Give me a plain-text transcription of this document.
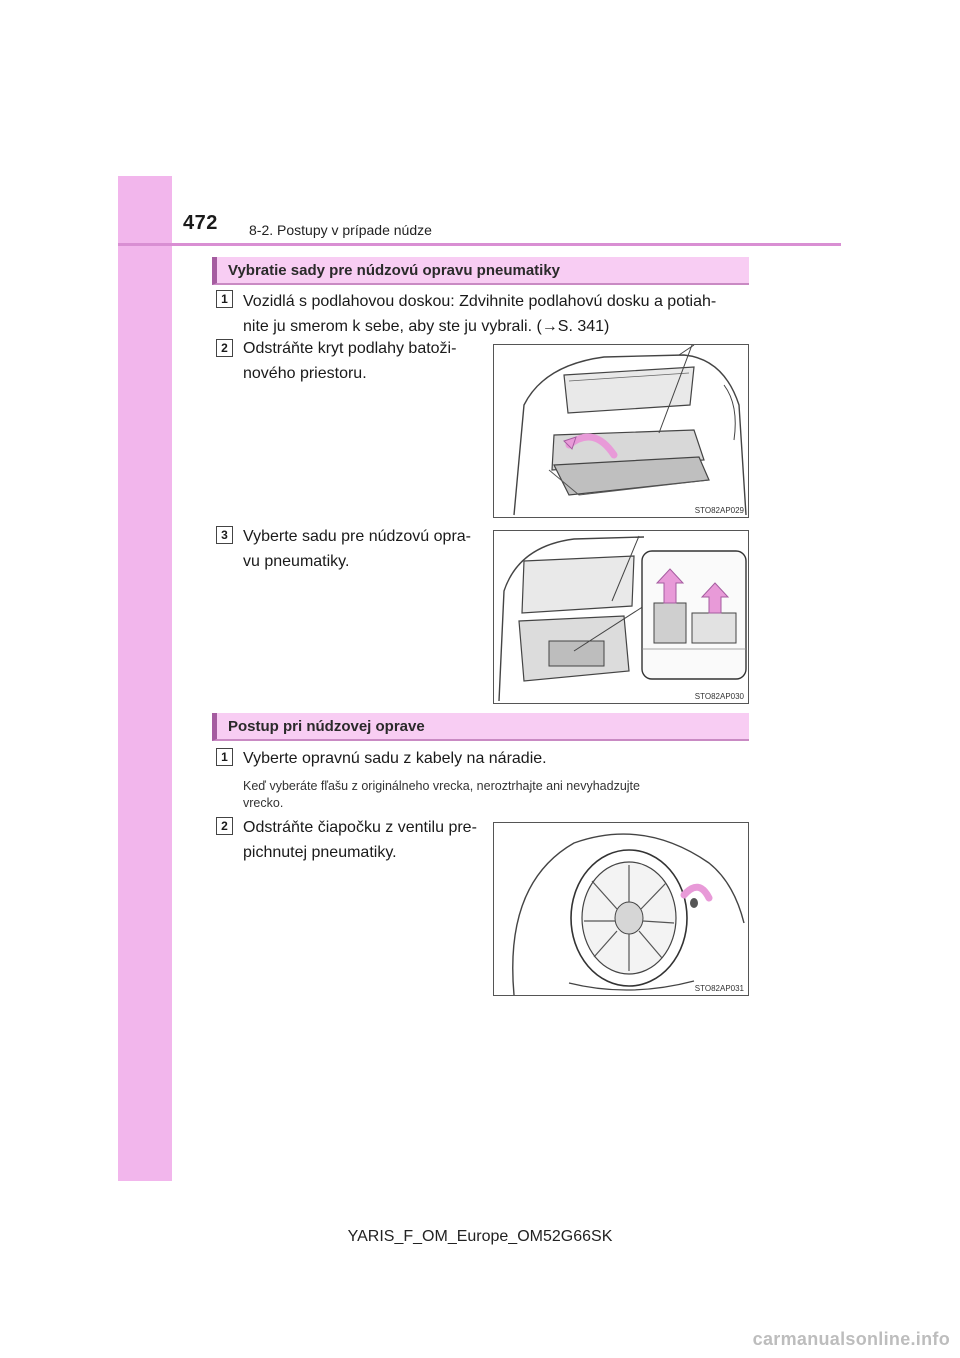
472 8-2. Postupy v prípade núdze
Vybratie sady pre núdzovú opravu pneumatiky
1 Vozidlá s podlahovou doskou: Zdvihnite podlahovú dosku a potiah-
nite ju smerom k sebe, aby ste ju vybrali. (→S. 341)
2 Odstráňte kryt podlahy batoži-
nového priestoru.
STO82AP029
3 Vyberte sadu pre núdzovú opra-
vu pneumatiky.
STO82AP030
Postup pri núdzovej oprave
1 Vyberte opravnú sadu z kabely na náradie.
Keď vyberáte fľašu z originálneho vrecka, neroztrhajte ani nevyhadzujte
vrecko.
2 Odstráňte čiapočku z ventilu pre-
pichnutej pneumatiky.
STO82AP031
YARIS_F_OM_Europe_OM52G66SK
carmanualsonline.info
